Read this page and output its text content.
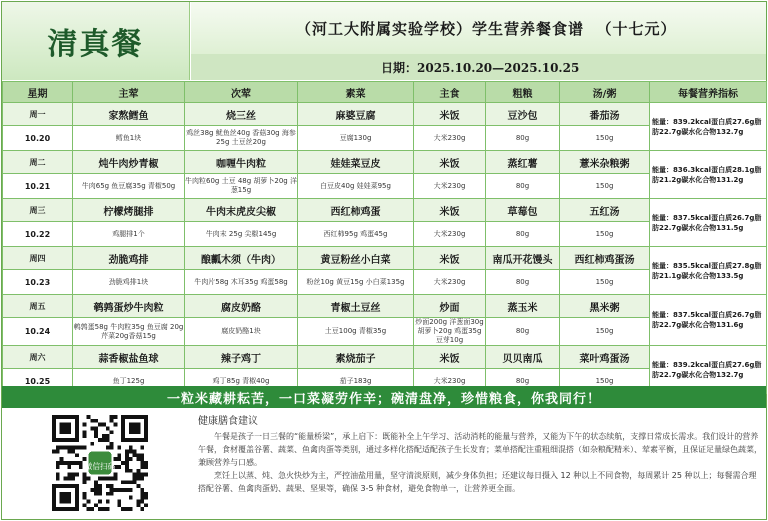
清真餐	（河工大附属实验学校）学生营养餐食谱  （十七元）
日期：2025.10.20—2025.10.25
星期	主荤	次荤	素菜	主食	粗粮	汤/粥	每餐营养指标
周一	家熬鳕鱼	烧三丝	麻婆豆腐	米饭	豆沙包	番茄汤	能量：839.2kcal蛋白质27.6g脂肪22.7g碳水化合物132.7g
10.20	鳕鱼1块	鸡丝38g 鱿鱼丝40g 香菇30g 海参25g 土豆丝20g	豆腐130g	大米230g	80g	150g	
周二	炖牛肉炒青椒	咖喱牛肉粒	娃娃菜豆皮	米饭	蒸红薯	薏米杂粮粥	能量：836.3kcal蛋白质28.1g脂肪21.2g碳水化合物131.2g
10.21	牛肉65g 鱼豆腐35g 青椒50g	牛肉粒60g 土豆 48g 胡萝卜20g 洋葱15g	白豆皮40g 娃娃菜95g	大米230g	80g	150g	
周三	柠檬烤腿排	牛肉末虎皮尖椒	西红柿鸡蛋	米饭	草莓包	五红汤	能量：837.5kcal蛋白质26.7g脂肪22.7g碳水化合物131.5g
10.22	鸡腿排1个	牛肉末 25g 尖椒145g	西红柿95g 鸡蛋45g	大米230g	80g	150g	
周四	劲脆鸡排	酿瓤木须（牛肉）	黄豆粉丝小白菜	米饭	南瓜开花馒头	西红柿鸡蛋汤	能量：835.5kcal蛋白质27.8g脂肪21.1g碳水化合物133.5g
10.23	劲脆鸡排1块	牛肉片58g 木耳35g 鸡蛋58g	粉丝10g 黄豆15g 小白菜135g	大米230g	80g	150g	
周五	鹌鹑蛋炒牛肉粒	腐皮奶酪	青椒土豆丝	炒面	蒸玉米	黑米粥	能量：837.5kcal蛋白质26.7g脂肪22.7g碳水化合物131.6g
10.24	鹌鹑蛋58g 牛肉粒35g 鱼豆腐 20g芹菜20g香菇15g	腐皮奶酪1块	土豆100g 青椒35g	炒面200g 洋葱面30g 胡萝卜20g 鸡蛋35g 豆芽10g	80g	150g	
周六	蒜香椒盐鱼球	辣子鸡丁	素烧茄子	米饭	贝贝南瓜	菜叶鸡蛋汤	能量：839.2kcal蛋白质27.6g脂肪22.7g碳水化合物132.7g
10.25	鱼丁125g	鸡丁85g 青椒40g	茄子183g	大米230g	80g	150g	
一粒米藏耕耘苦，一口菜凝劳作辛；碗清盘净，珍惜粮食，你我同行！
微信扫码
健康膳食建议

午餐是孩子一日三餐的“能量桥梁”，承上启下：既能补全上午学习、活动消耗的能量与营养，又能为下午的状态续航，支撑日常成长需求。我们设计的营养午餐，食材覆盖谷薯、蔬菜、鱼禽肉蛋等类别，通过多样化搭配适配孩子生长发育；菜单搭配注重粗细混搭（如杂粮配精米）、荤素平衡，且保证足量绿色蔬菜，兼顾营养与口感。

烹饪上以蒸、炖、急火快炒为主，严控油盐用量，坚守清淡原则，减少身体负担；还建议每日摄入 12 种以上不同食物，每周累计 25 种以上；每餐需合理搭配谷薯、鱼禽肉蛋奶、蔬果、坚果等，确保 3-5 种食材，避免食物单一，让营养更全面。
